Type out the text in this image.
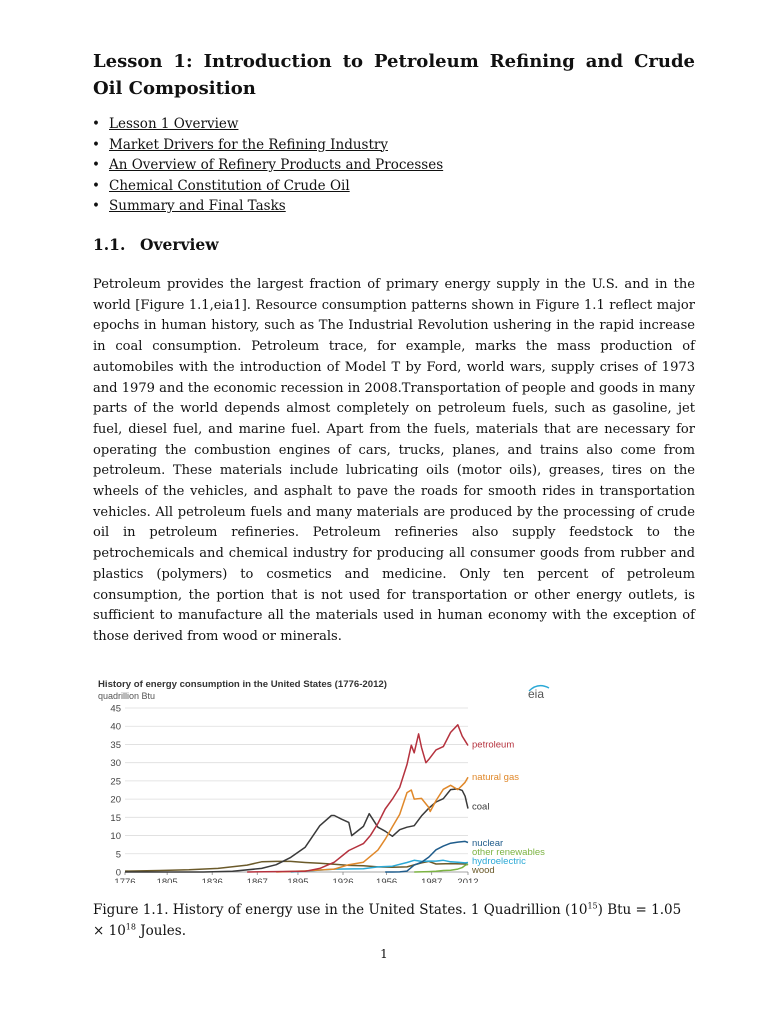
Lesson 1: Introduction to Petroleum Refining and Crude Oil Composition
• Lesson 1 Overview
• Market Drivers for the Refining Industry
• An Overview of Refinery Products and Processes
• Chemical Constitution of Crude Oil
• Summary and Final Tasks
1.1. Overview

Petroleum provides the largest fraction of primary energy supply in the U.S. and in the world [Figure 1.1,eia1]. Resource consumption patterns shown in Figure 1.1 reflect major epochs in human history, such as The Industrial Revolution ushering in the rapid increase in coal consumption. Petroleum trace, for example, marks the mass production of automobiles with the introduction of Model T by Ford, world wars, supply crises of 1973 and 1979 and the economic recession in 2008.Transportation of people and goods in many parts of the world depends almost completely on petroleum fuels, such as gasoline, jet fuel, diesel fuel, and marine fuel. Apart from the fuels, materials that are necessary for operating the combustion engines of cars, trucks, planes, and trains also come from petroleum. These materials include lubricating oils (motor oils), greases, tires on the wheels of the vehicles, and asphalt to pave the roads for smooth rides in transportation vehicles. All petroleum fuels and many materials are produced by the processing of crude oil in petroleum refineries. Petroleum refineries also supply feedstock to the petrochemicals and chemical industry for producing all consumer goods from rubber and plastics (polymers) to cosmetics and medicine. Only ten percent of petroleum consumption, the portion that is not used for transportation or other energy outlets, is sufficient to manufacture all the materials used in human economy with the exception of those derived from wood or minerals.

History of energy consumption in the United States (1776-2012)
quadrillion Btu	eia
0
5
10
15
20
25
30
35
40
45
1776 1805	1836	1867 1895	1926 1956	1987 2012
petroleum
natural gas
coal
nuclear
other renewables
hydroelectric
wood

Figure 1.1. History of energy use in the United States. 1 Quadrillion $(10^{15})$ Btu = $1.05 \times 10^{18}$ Joules.

1
